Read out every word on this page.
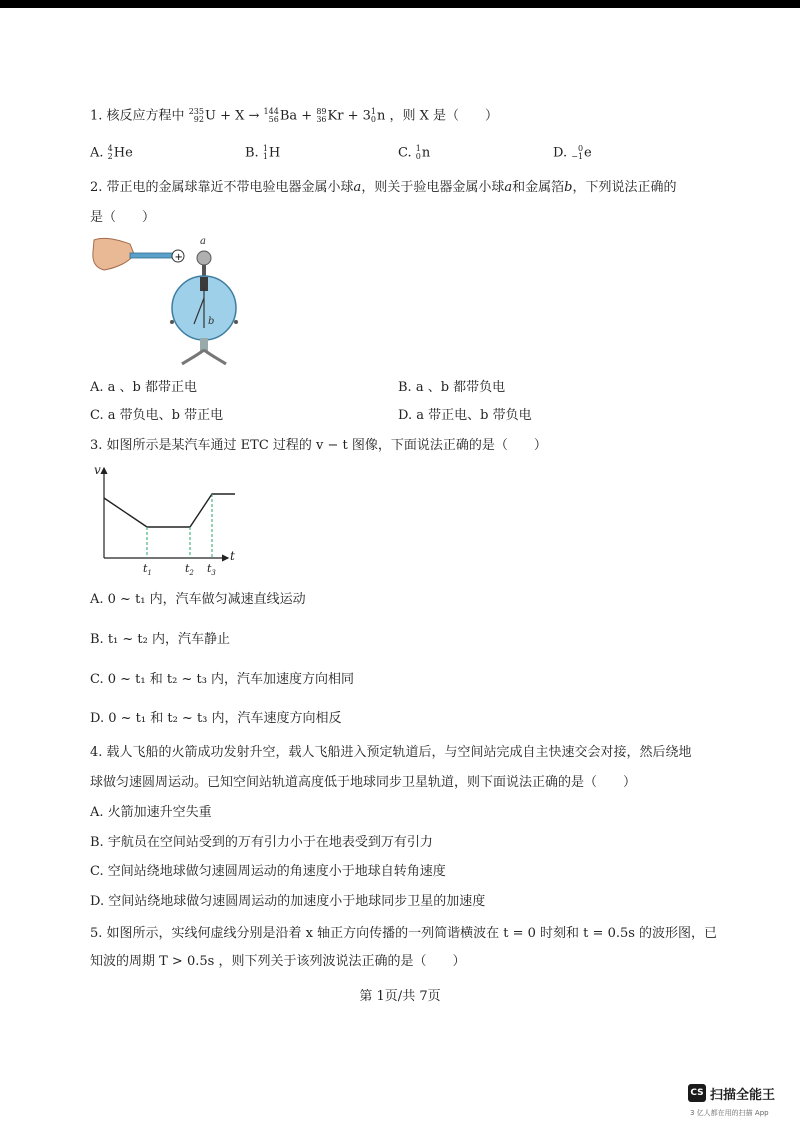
1. 核反应方程中 235
92 U + X → 144
56 Ba + 89
36 Kr + 3 1
0 n ，则 X 是（　　）
A. 4
2 He	B. 1
1 H	C. 1
0 n	D.	0
−1 e
2. 带正电的金属球靠近不带电验电器金属小球a，则关于验电器金属小球a和金属箔b，下列说法正确的
是（　　）
+
a
b
A. a 、b 都带正电	B. a 、b 都带负电
C. a 带负电、b 带正电	D. a 带正电、b 带负电
3. 如图所示是某汽车通过 ETC 过程的 v − t 图像，下面说法正确的是（　　）
v
t
$t_1$	$t_2$ $t_3$
A. 0 ~ t₁ 内，汽车做匀减速直线运动
B. t₁ ~ t₂ 内，汽车静止
C. 0 ~ t₁ 和 t₂ ~ t₃ 内，汽车加速度方向相同
D. 0 ~ t₁ 和 t₂ ~ t₃ 内，汽车速度方向相反
4. 载人飞船的火箭成功发射升空，载人飞船进入预定轨道后，与空间站完成自主快速交会对接，然后绕地
球做匀速圆周运动。已知空间站轨道高度低于地球同步卫星轨道，则下面说法正确的是（　　）
A. 火箭加速升空失重
B. 宇航员在空间站受到的万有引力小于在地表受到万有引力
C. 空间站绕地球做匀速圆周运动的角速度小于地球自转角速度
D. 空间站绕地球做匀速圆周运动的加速度小于地球同步卫星的加速度
5. 如图所示，实线何虚线分别是沿着 x 轴正方向传播的一列简谐横波在 t = 0 时刻和 t = 0.5s 的波形图，已
知波的周期 T > 0.5s ，则下列关于该列波说法正确的是（　　）
第 1页/共 7页
CS 扫描全能王
3 亿人都在用的扫描 App
